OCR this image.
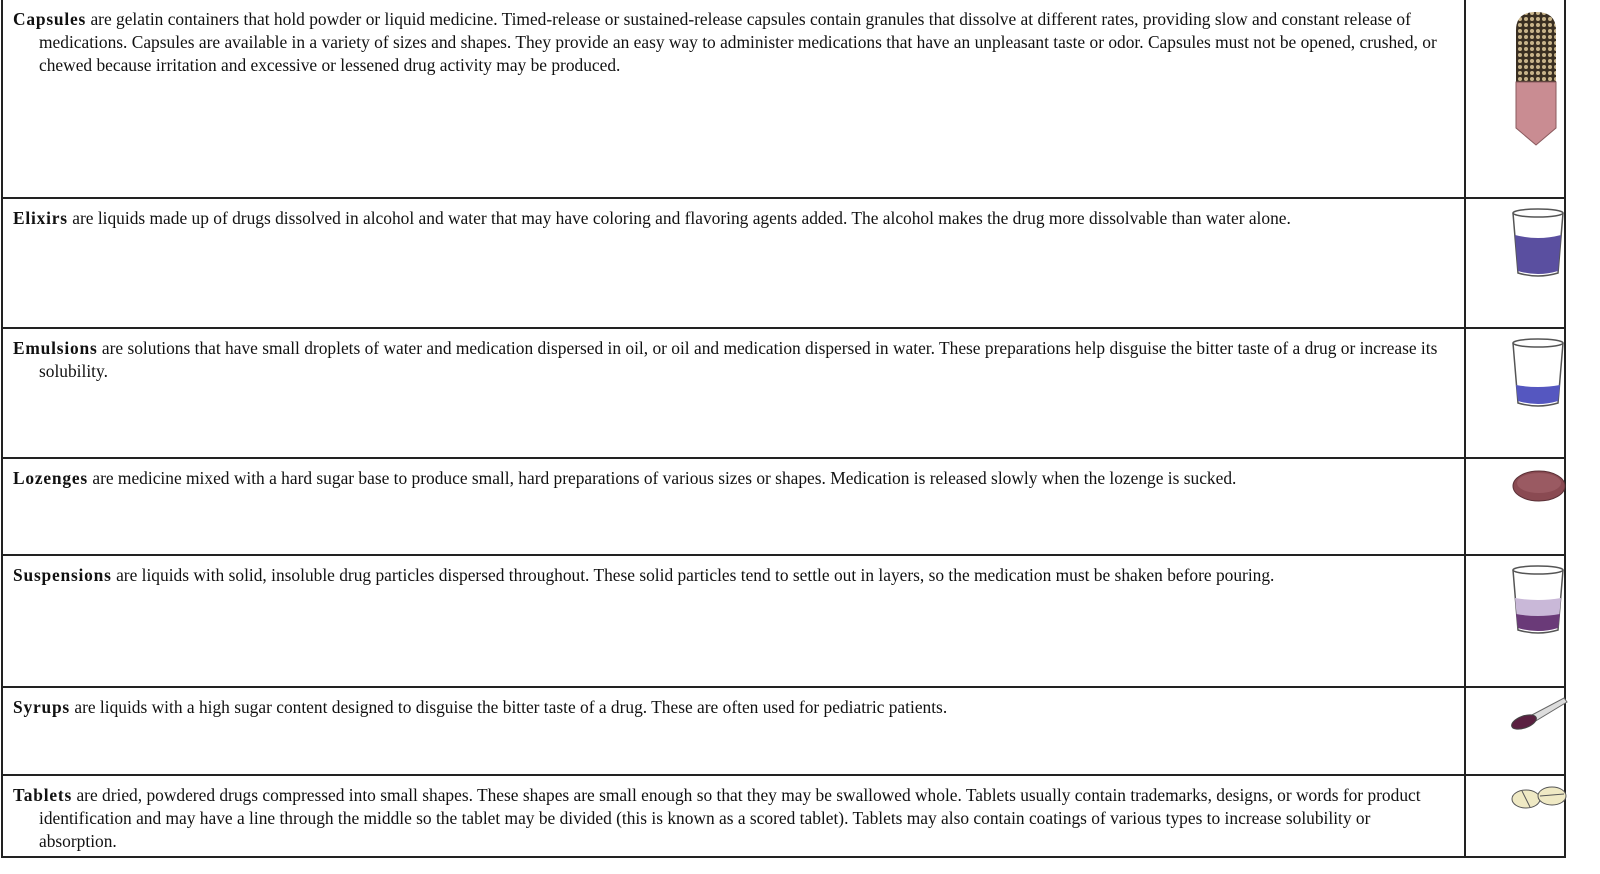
Capsules are gelatin containers that hold powder or liquid medicine. Timed-release or sustained-release capsules contain granules that dissolve at different rates, providing slow and constant release of medications. Capsules are available in a variety of sizes and shapes. They provide an easy way to administer medications that have an unpleasant taste or odor. Capsules must not be opened, crushed, or chewed because irritation and excessive or lessened drug activity may be produced.

Elixirs are liquids made up of drugs dissolved in alcohol and water that may have coloring and flavoring agents added. The alcohol makes the drug more dissolvable than water alone.

Emulsions are solutions that have small droplets of water and medication dispersed in oil, or oil and medication dispersed in water. These preparations help disguise the bitter taste of a drug or increase its solubility.

Lozenges are medicine mixed with a hard sugar base to produce small, hard preparations of various sizes or shapes. Medication is released slowly when the lozenge is sucked.

Suspensions are liquids with solid, insoluble drug particles dispersed throughout. These solid particles tend to settle out in layers, so the medication must be shaken before pouring.

Syrups are liquids with a high sugar content designed to disguise the bitter taste of a drug. These are often used for pediatric patients.

Tablets are dried, powdered drugs compressed into small shapes. These shapes are small enough so that they may be swallowed whole. Tablets usually contain trademarks, designs, or words for product identification and may have a line through the middle so the tablet may be divided (this is known as a scored tablet). Tablets may also contain coatings of various types to increase solubility or absorption.
